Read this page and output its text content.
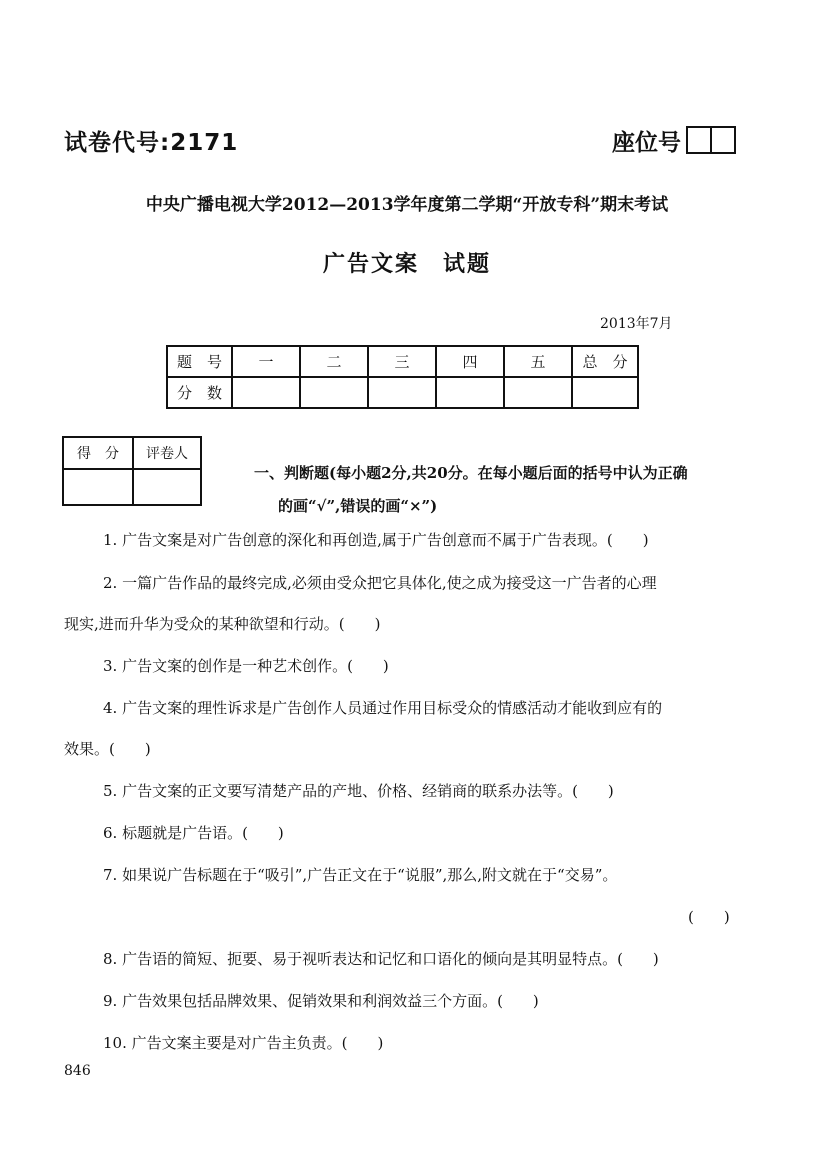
试卷代号:2171	座位号
中央广播电视大学2012—2013学年度第二学期“开放专科”期末考试
广告文案　试题
2013年7月
题　号	一	二	三	四	五	总　分
分　数						
得　分	评卷人

一、判断题(每小题2分,共20分。在每小题后面的括号中认为正确
的画“√”,错误的画“×”)
1. 广告文案是对广告创意的深化和再创造,属于广告创意而不属于广告表现。(　　)
2. 一篇广告作品的最终完成,必须由受众把它具体化,使之成为接受这一广告者的心理
现实,进而升华为受众的某种欲望和行动。(　　)
3. 广告文案的创作是一种艺术创作。(　　)
4. 广告文案的理性诉求是广告创作人员通过作用目标受众的情感活动才能收到应有的
效果。(　　)
5. 广告文案的正文要写清楚产品的产地、价格、经销商的联系办法等。(　　)
6. 标题就是广告语。(　　)
7. 如果说广告标题在于“吸引”,广告正文在于“说服”,那么,附文就在于“交易”。
(　　)
8. 广告语的简短、扼要、易于视听表达和记忆和口语化的倾向是其明显特点。(　　)
9. 广告效果包括品牌效果、促销效果和利润效益三个方面。(　　)
10. 广告文案主要是对广告主负责。(　　)
846
